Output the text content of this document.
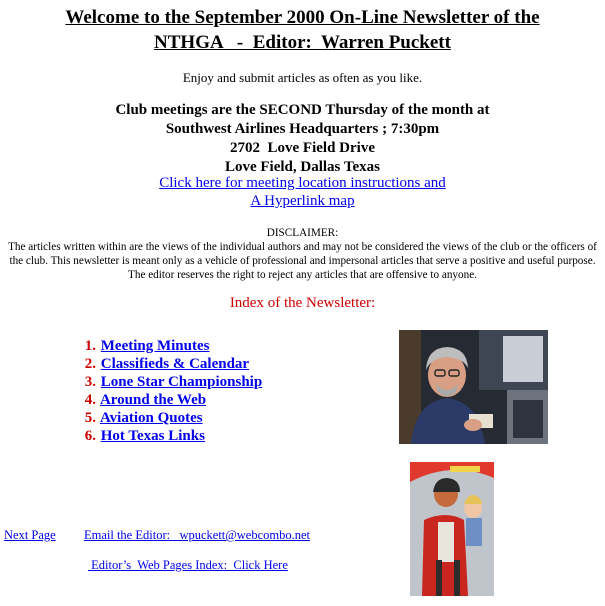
Welcome to the September 2000 On-Line Newsletter of the
NTHGA   -  Editor:  Warren Puckett
Enjoy and submit articles as often as you like.
Club meetings are the SECOND Thursday of the month at
Southwest Airlines Headquarters ; 7:30pm
2702  Love Field Drive
Love Field, Dallas Texas
Click here for meeting location instructions and
A Hyperlink map
DISCLAIMER:
The articles written within are the views of the individual authors and may not be considered the views of the club or the officers of the club. This newsletter is meant only as a vehicle of professional and impersonal articles that serve a positive and useful purpose. The editor reserves the right to reject any articles that are offensive to anyone.
Index of the Newsletter:
1. Meeting Minutes
2. Classifieds & Calendar
3. Lone Star Championship
4. Around the Web
5. Aviation Quotes
6. Hot Texas Links
Next Page Email the Editor:   wpuckett@webcombo.net
Editor’s  Web Pages Index:  Click Here
